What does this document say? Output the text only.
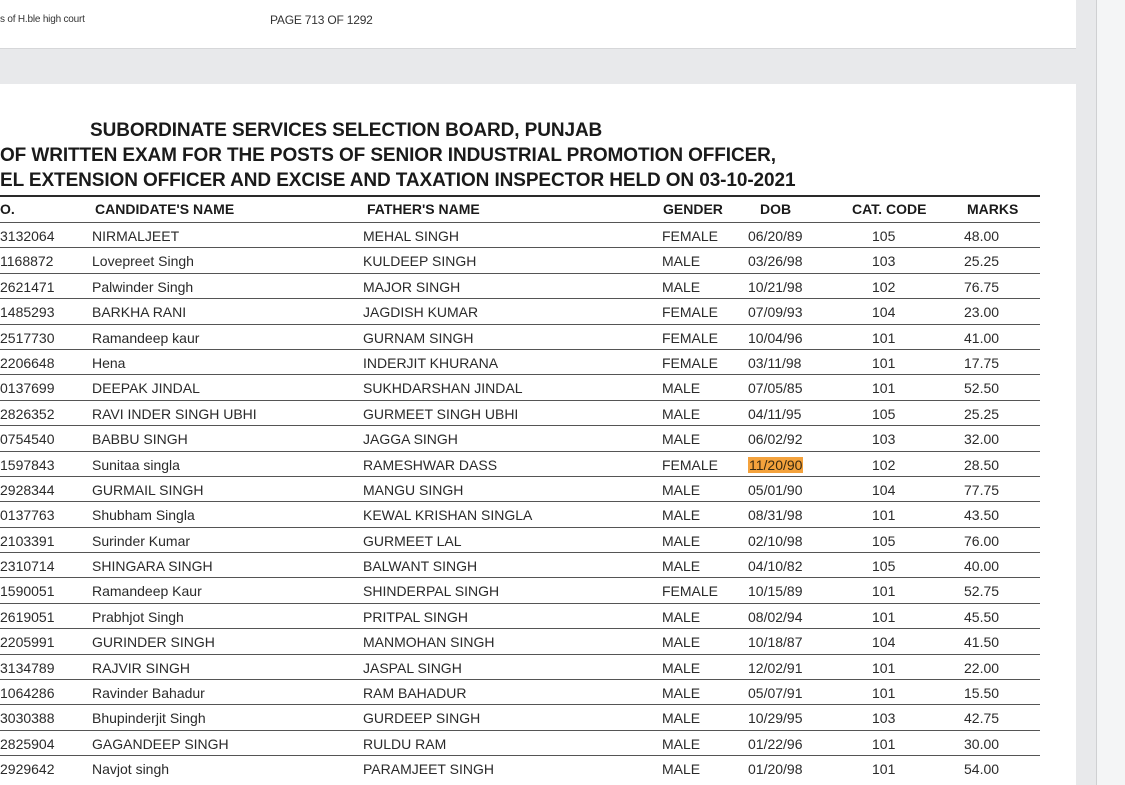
s of H.ble high court	PAGE 713 OF 1292
SUBORDINATE SERVICES SELECTION BOARD, PUNJAB
OF WRITTEN EXAM FOR THE POSTS OF SENIOR INDUSTRIAL PROMOTION OFFICER,
EL EXTENSION OFFICER AND EXCISE AND TAXATION INSPECTOR HELD ON 03-10-2021
O.	CANDIDATE'S NAME	FATHER'S NAME	GENDER	DOB	CAT. CODE	MARKS
3132064	NIRMALJEET	MEHAL SINGH	FEMALE 06/20/89	105	48.00
1168872	Lovepreet Singh	KULDEEP SINGH	MALE	03/26/98	103	25.25
2621471	Palwinder Singh	MAJOR SINGH	MALE	10/21/98	102	76.75
1485293	BARKHA RANI	JAGDISH KUMAR	FEMALE 07/09/93	104	23.00
2517730	Ramandeep kaur	GURNAM SINGH	FEMALE 10/04/96	101	41.00
2206648	Hena	INDERJIT KHURANA	FEMALE 03/11/98	101	17.75
0137699	DEEPAK JINDAL	SUKHDARSHAN JINDAL	MALE	07/05/85	101	52.50
2826352	RAVI INDER SINGH UBHI	GURMEET SINGH UBHI	MALE	04/11/95	105	25.25
0754540	BABBU SINGH	JAGGA SINGH	MALE	06/02/92	103	32.00
1597843	Sunitaa singla	RAMESHWAR DASS	FEMALE 11/20/90	102	28.50
2928344	GURMAIL SINGH	MANGU SINGH	MALE	05/01/90	104	77.75
0137763	Shubham Singla	KEWAL KRISHAN SINGLA	MALE	08/31/98	101	43.50
2103391	Surinder Kumar	GURMEET LAL	MALE	02/10/98	105	76.00
2310714	SHINGARA SINGH	BALWANT SINGH	MALE	04/10/82	105	40.00
1590051	Ramandeep Kaur	SHINDERPAL SINGH	FEMALE 10/15/89	101	52.75
2619051	Prabhjot Singh	PRITPAL SINGH	MALE	08/02/94	101	45.50
2205991	GURINDER SINGH	MANMOHAN SINGH	MALE	10/18/87	104	41.50
3134789	RAJVIR SINGH	JASPAL SINGH	MALE	12/02/91	101	22.00
1064286	Ravinder Bahadur	RAM BAHADUR	MALE	05/07/91	101	15.50
3030388	Bhupinderjit Singh	GURDEEP SINGH	MALE	10/29/95	103	42.75
2825904	GAGANDEEP SINGH	RULDU RAM	MALE	01/22/96	101	30.00
2929642	Navjot singh	PARAMJEET SINGH	MALE	01/20/98	101	54.00
